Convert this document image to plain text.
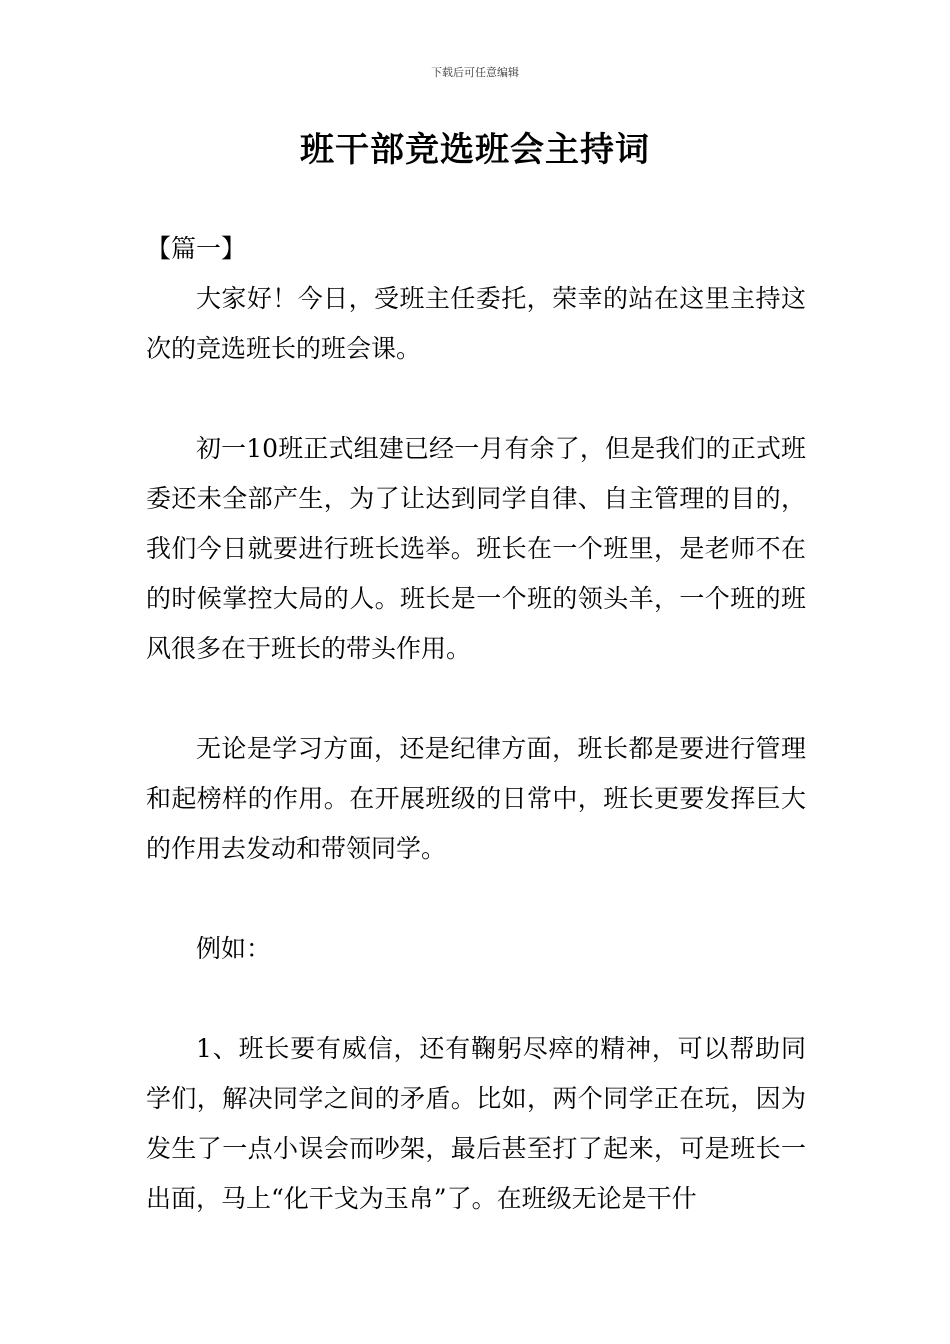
下载后可任意编辑
班干部竞选班会主持词

【篇一】

大家好！今日，受班主任委托，荣幸的站在这里主持这次的竞选班长的班会课。

初一10班正式组建已经一月有余了，但是我们的正式班委还未全部产生，为了让达到同学自律、自主管理的目的，我们今日就要进行班长选举。班长在一个班里，是老师不在的时候掌控大局的人。班长是一个班的领头羊，一个班的班风很多在于班长的带头作用。

无论是学习方面，还是纪律方面，班长都是要进行管理和起榜样的作用。在开展班级的日常中，班长更要发挥巨大的作用去发动和带领同学。

例如：

1、班长要有威信，还有鞠躬尽瘁的精神，可以帮助同学们，解决同学之间的矛盾。比如，两个同学正在玩，因为发生了一点小误会而吵架，最后甚至打了起来，可是班长一出面，马上“化干戈为玉帛”了。在班级无论是干什
